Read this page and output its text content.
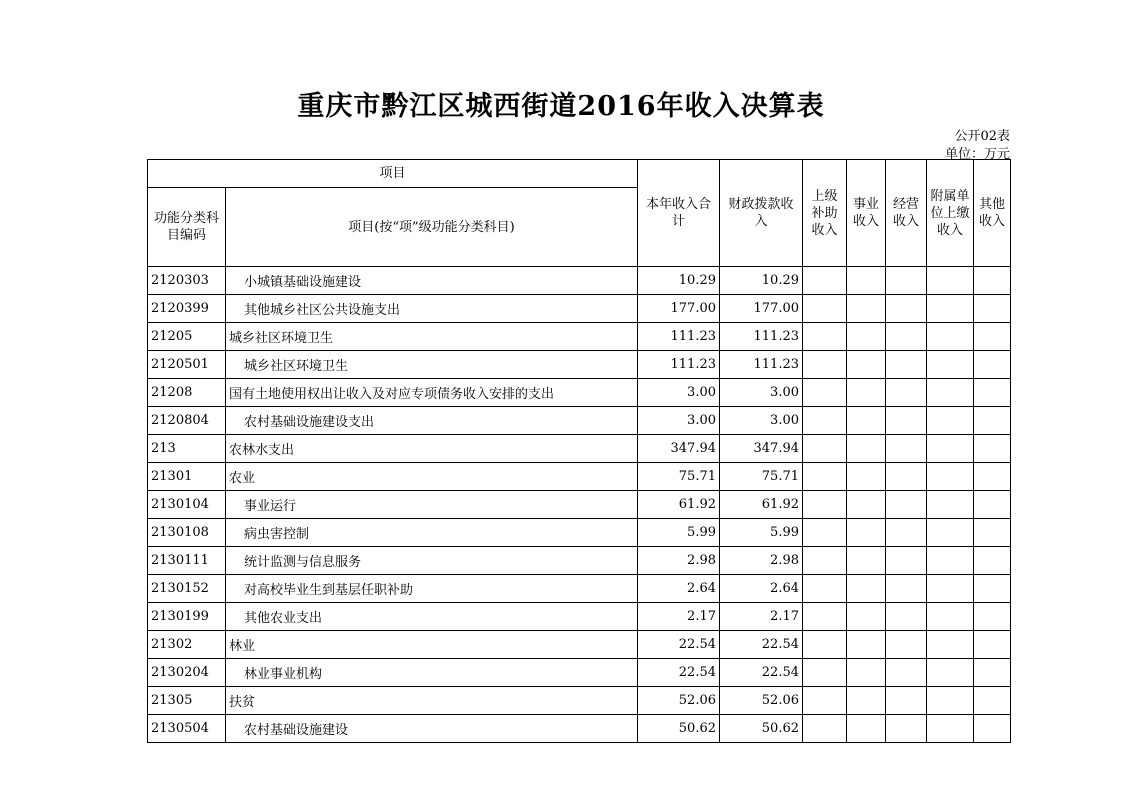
重庆市黔江区城西街道2016年收入决算表
公开02表
单位：万元
项目		本年收入合计	财政拨款收入	上级补助收入	事业收入	经营收入	附属单位上缴收入	其他收入
功能分类科目编码	项目(按“项”级功能分类科目)							
2120303	小城镇基础设施建设	10.29	10.29					
2120399	其他城乡社区公共设施支出	177.00	177.00					
21205	城乡社区环境卫生	111.23	111.23					
2120501	城乡社区环境卫生	111.23	111.23					
21208	国有土地使用权出让收入及对应专项债务收入安排的支出	3.00	3.00					
2120804	农村基础设施建设支出	3.00	3.00					
213	农林水支出	347.94	347.94					
21301	农业	75.71	75.71					
2130104	事业运行	61.92	61.92					
2130108	病虫害控制	5.99	5.99					
2130111	统计监测与信息服务	2.98	2.98					
2130152	对高校毕业生到基层任职补助	2.64	2.64					
2130199	其他农业支出	2.17	2.17					
21302	林业	22.54	22.54					
2130204	林业事业机构	22.54	22.54					
21305	扶贫	52.06	52.06					
2130504	农村基础设施建设	50.62	50.62					
